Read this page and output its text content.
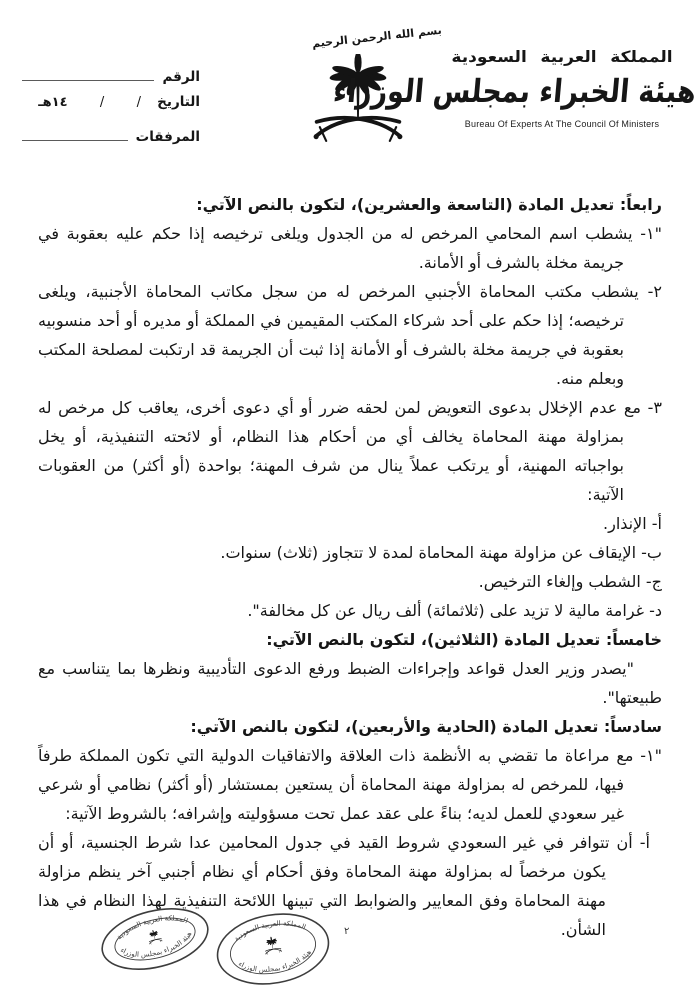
بسم الله الرحمن الرحيم
المملكة العربية السعودية
هيئة الخبراء بمجلس الوزراء
Bureau Of Experts At The Council Of Ministers
الرقم
التاريخ
/
/
١٤هـ
المرفقات

رابعاً: تعديل المادة (التاسعة والعشرين)، لتكون بالنص الآتي:

"١- يشطب اسم المحامي المرخص له من الجدول ويلغى ترخيصه إذا حكم عليه بعقوبة في جريمة مخلة بالشرف أو الأمانة.

٢- يشطب مكتب المحاماة الأجنبي المرخص له من سجل مكاتب المحاماة الأجنبية، ويلغى ترخيصه؛ إذا حكم على أحد شركاء المكتب المقيمين في المملكة أو مديره أو أحد منسوبيه بعقوبة في جريمة مخلة بالشرف أو الأمانة إذا ثبت أن الجريمة قد ارتكبت لمصلحة المكتب وبعلم منه.

٣- مع عدم الإخلال بدعوى التعويض لمن لحقه ضرر أو أي دعوى أخرى، يعاقب كل مرخص له بمزاولة مهنة المحاماة يخالف أي من أحكام هذا النظام، أو لائحته التنفيذية، أو يخل بواجباته المهنية، أو يرتكب عملاً ينال من شرف المهنة؛ بواحدة (أو أكثر) من العقوبات الآتية:

أ- الإنذار.

ب- الإيقاف عن مزاولة مهنة المحاماة لمدة لا تتجاوز (ثلاث) سنوات.

ج- الشطب وإلغاء الترخيص.

د- غرامة مالية لا تزيد على (ثلاثمائة) ألف ريال عن كل مخالفة".

خامساً: تعديل المادة (الثلاثين)، لتكون بالنص الآتي:

"يصدر وزير العدل قواعد وإجراءات الضبط ورفع الدعوى التأديبية ونظرها بما يتناسب مع طبيعتها".

سادساً: تعديل المادة (الحادية والأربعين)، لتكون بالنص الآتي:

"١- مع مراعاة ما تقضي به الأنظمة ذات العلاقة والاتفاقيات الدولية التي تكون المملكة طرفاً فيها، للمرخص له بمزاولة مهنة المحاماة أن يستعين بمستشار (أو أكثر) نظامي أو شرعي غير سعودي للعمل لديه؛ بناءً على عقد عمل تحت مسؤوليته وإشرافه؛ بالشروط الآتية:

أ- أن تتوافر في غير السعودي شروط القيد في جدول المحامين عدا شرط الجنسية، أو أن يكون مرخصاً له بمزاولة مهنة المحاماة وفق أحكام أي نظام أجنبي آخر ينظم مزاولة مهنة المحاماة وفق المعايير والضوابط التي تبينها اللائحة التنفيذية لهذا النظام في هذا الشأن.

٢
المملكة العربية السعودية
هيئة الخبراء بمجلس الوزراء
المملكة العربية السعودية
هيئة الخبراء بمجلس الوزراء
